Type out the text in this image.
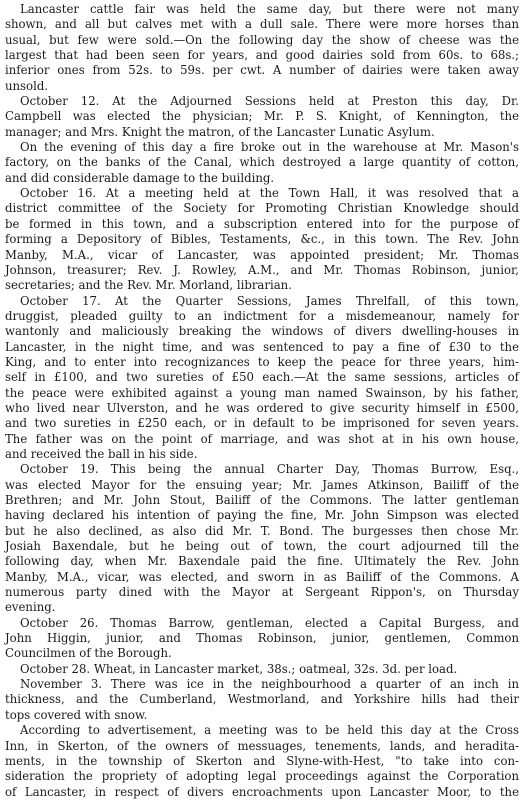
Lancaster cattle fair was held the same day, but there were not many
shown, and all but calves met with a dull sale. There were more horses than
usual, but few were sold.—On the following day the show of cheese was the
largest that had been seen for years, and good dairies sold from 60s. to 68s.;
inferior ones from 52s. to 59s. per cwt. A number of dairies were taken away
unsold.
October 12. At the Adjourned Sessions held at Preston this day, Dr.
Campbell was elected the physician; Mr. P. S. Knight, of Kennington, the
manager; and Mrs. Knight the matron, of the Lancaster Lunatic Asylum.
On the evening of this day a fire broke out in the warehouse at Mr. Mason's
factory, on the banks of the Canal, which destroyed a large quantity of cotton,
and did considerable damage to the building.
October 16. At a meeting held at the Town Hall, it was resolved that a
district committee of the Society for Promoting Christian Knowledge should
be formed in this town, and a subscription entered into for the purpose of
forming a Depository of Bibles, Testaments, &c., in this town. The Rev. John
Manby, M.A., vicar of Lancaster, was appointed president; Mr. Thomas
Johnson, treasurer; Rev. J. Rowley, A.M., and Mr. Thomas Robinson, junior,
secretaries; and the Rev. Mr. Morland, librarian.
October 17. At the Quarter Sessions, James Threlfall, of this town,
druggist, pleaded guilty to an indictment for a misdemeanour, namely for
wantonly and maliciously breaking the windows of divers dwelling-houses in
Lancaster, in the night time, and was sentenced to pay a fine of £30 to the
King, and to enter into recognizances to keep the peace for three years, him-
self in £100, and two sureties of £50 each.—At the same sessions, articles of
the peace were exhibited against a young man named Swainson, by his father,
who lived near Ulverston, and he was ordered to give security himself in £500,
and two sureties in £250 each, or in default to be imprisoned for seven years.
The father was on the point of marriage, and was shot at in his own house,
and received the ball in his side.
October 19. This being the annual Charter Day, Thomas Burrow, Esq.,
was elected Mayor for the ensuing year; Mr. James Atkinson, Bailiff of the
Brethren; and Mr. John Stout, Bailiff of the Commons. The latter gentleman
having declared his intention of paying the fine, Mr. John Simpson was elected
but he also declined, as also did Mr. T. Bond. The burgesses then chose Mr.
Josiah Baxendale, but he being out of town, the court adjourned till the
following day, when Mr. Baxendale paid the fine. Ultimately the Rev. John
Manby, M.A., vicar, was elected, and sworn in as Bailiff of the Commons. A
numerous party dined with the Mayor at Sergeant Rippon's, on Thursday
evening.
October 26. Thomas Barrow, gentleman, elected a Capital Burgess, and
John Higgin, junior, and Thomas Robinson, junior, gentlemen, Common
Councilmen of the Borough.
October 28. Wheat, in Lancaster market, 38s.; oatmeal, 32s. 3d. per load.
November 3. There was ice in the neighbourhood a quarter of an inch in
thickness, and the Cumberland, Westmorland, and Yorkshire hills had their
tops covered with snow.
According to advertisement, a meeting was to be held this day at the Cross
Inn, in Skerton, of the owners of messuages, tenements, lands, and heradita-
ments, in the township of Skerton and Slyne-with-Hest, "to take into con-
sideration the propriety of adopting legal proceedings against the Corporation
of Lancaster, in respect of divers encroachments upon Lancaster Moor, to the
